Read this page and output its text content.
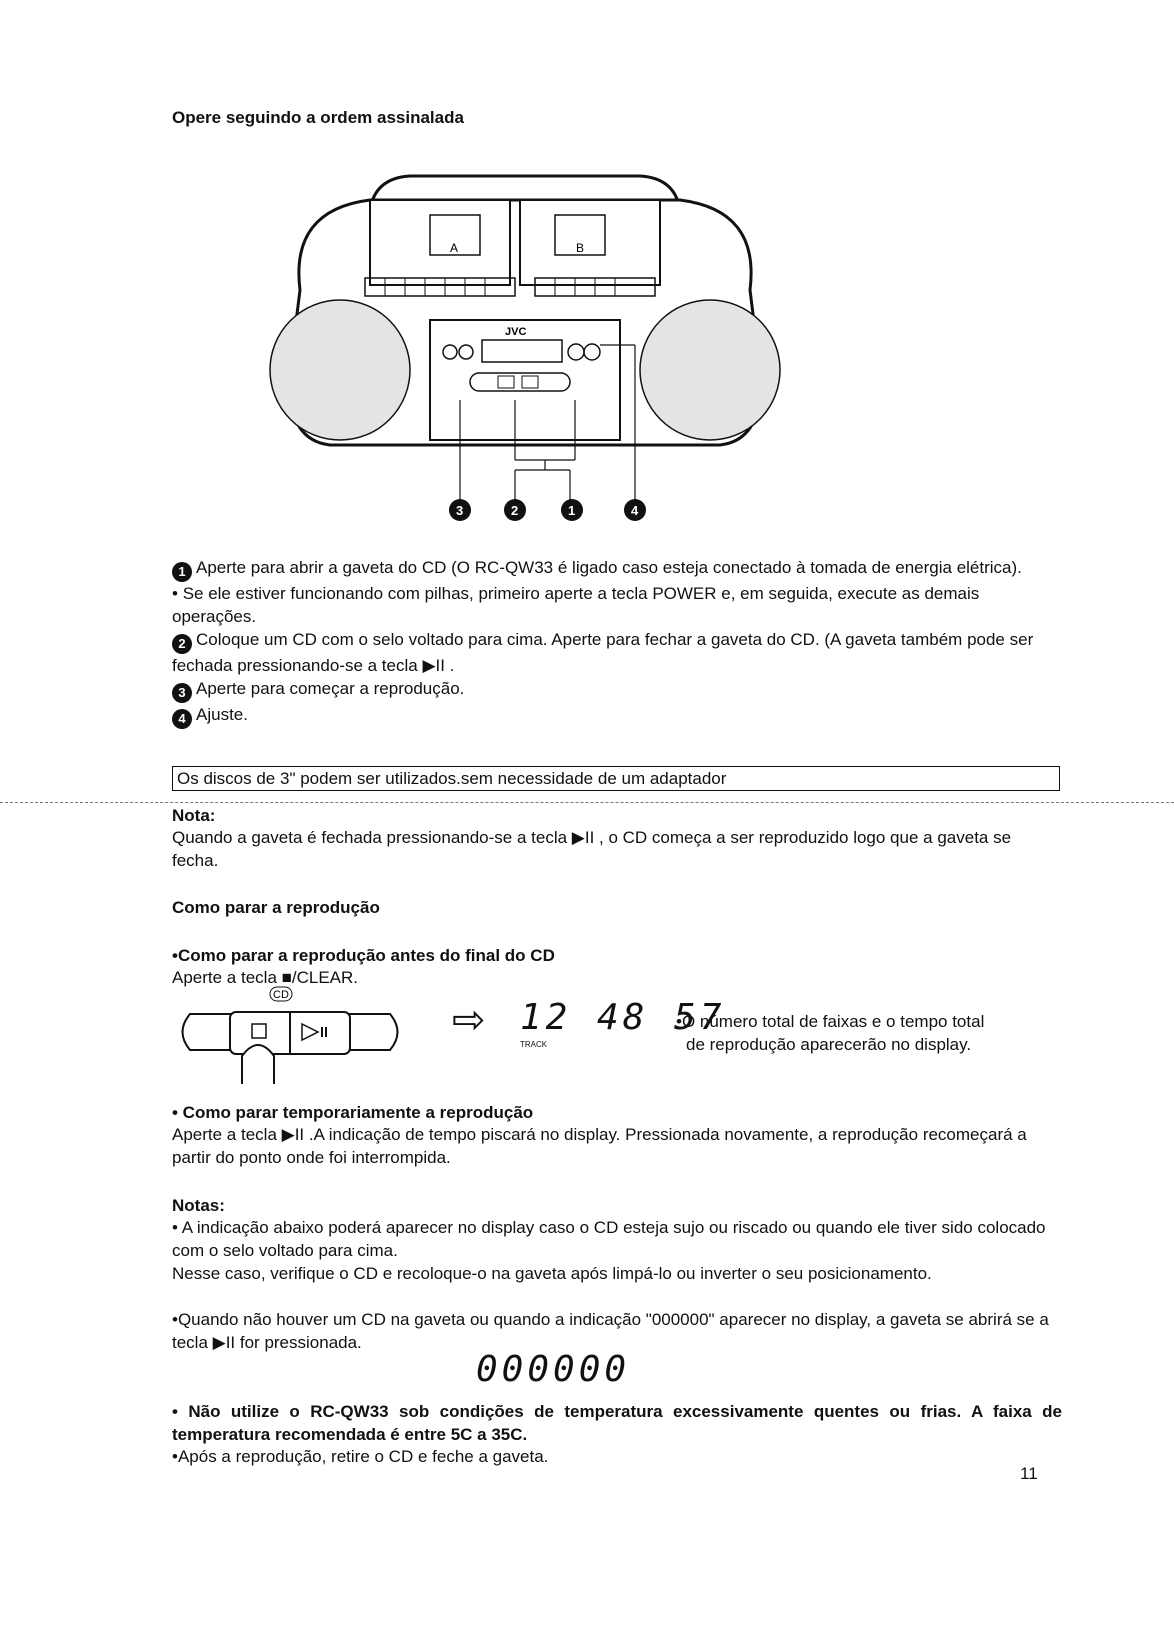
Opere seguindo a ordem assinalada
A	B
JVC
3	2	1	4
1 Aperte para abrir a gaveta do CD (O RC-QW33 é ligado caso esteja conectado à tomada de energia elétrica).
• Se ele estiver funcionando com pilhas, primeiro aperte a tecla POWER e, em seguida, execute as demais operações.
2 Coloque um CD com o selo voltado para cima. Aperte para fechar a gaveta do CD. (A gaveta também pode ser fechada pressionando-se a tecla ▶II .
3 Aperte para começar a reprodução.
4 Ajuste.
Os discos de 3" podem ser utilizados.sem necessidade de um adaptador
Nota:
Quando a gaveta é fechada pressionando-se a tecla ▶II , o CD começa a ser reproduzido logo que a gaveta se fecha.
Como parar a reprodução
•Como parar a reprodução antes do final do CD
Aperte a tecla ■/CLEAR.
CD
⇨ 12 48 57
TRACK
•O número total de faixas e o tempo total
de reprodução aparecerão no display.
• Como parar temporariamente a reprodução
Aperte a tecla ▶II .A indicação de tempo piscará no display. Pressionada novamente, a reprodução recomeçará a partir do ponto onde foi interrompida.
Notas:
• A indicação abaixo poderá aparecer no display caso o CD esteja sujo ou riscado ou quando ele tiver sido colocado com o selo voltado para cima.
Nesse caso, verifique o CD e recoloque-o na gaveta após limpá-lo ou inverter o seu posicionamento.
•Quando não houver um CD na gaveta ou quando a indicação "000000" aparecer no display, a gaveta se abrirá se a tecla ▶II for pressionada.
000000
• Não utilize o RC-QW33 sob condições de temperatura excessivamente quentes ou frias. A faixa de temperatura recomendada é entre 5C a 35C.
•Após a reprodução, retire o CD e feche a gaveta.
11
